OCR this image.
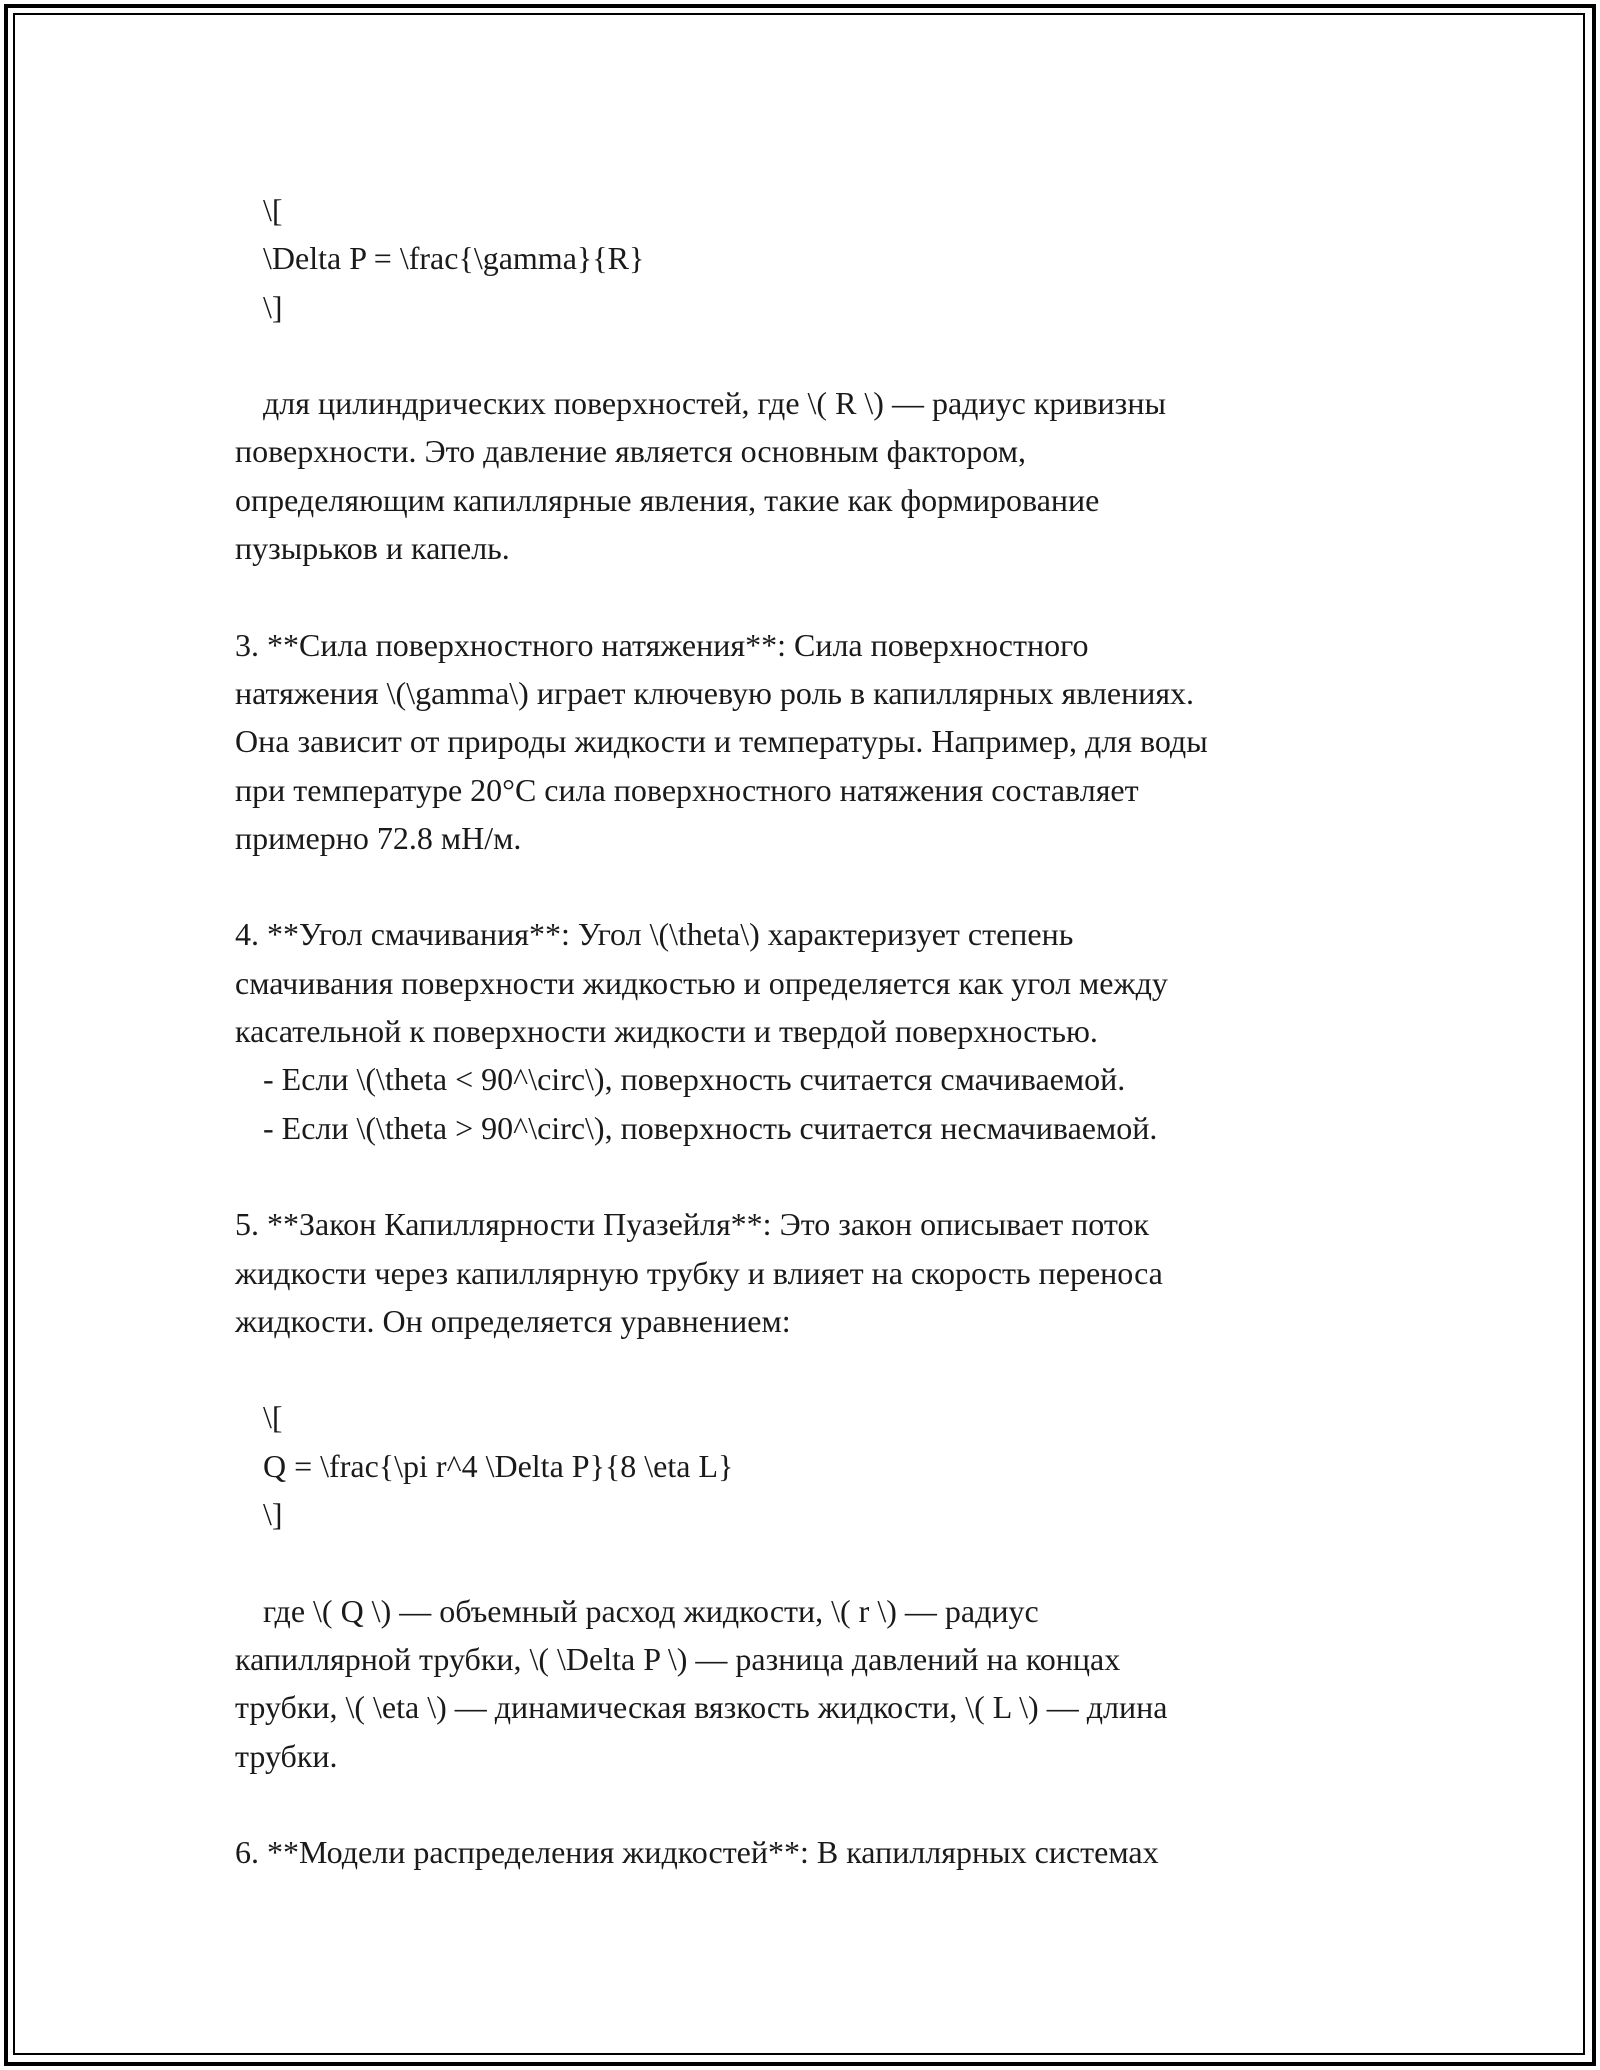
\[
\Delta P = \frac{\gamma}{R}
\]
для цилиндрических поверхностей, где \( R \) — радиус кривизны
поверхности. Это давление является основным фактором,
определяющим капиллярные явления, такие как формирование
пузырьков и капель.
3. **Сила поверхностного натяжения**: Сила поверхностного
натяжения \(\gamma\) играет ключевую роль в капиллярных явлениях.
Она зависит от природы жидкости и температуры. Например, для воды
при температуре 20°C сила поверхностного натяжения составляет
примерно 72.8 мН/м.
4. **Угол смачивания**: Угол \(\theta\) характеризует степень
смачивания поверхности жидкостью и определяется как угол между
касательной к поверхности жидкости и твердой поверхностью.
- Если \(\theta < 90^\circ\), поверхность считается смачиваемой.
- Если \(\theta > 90^\circ\), поверхность считается несмачиваемой.
5. **Закон Капиллярности Пуазейля**: Это закон описывает поток
жидкости через капиллярную трубку и влияет на скорость переноса
жидкости. Он определяется уравнением:
\[
Q = \frac{\pi r^4 \Delta P}{8 \eta L}
\]
где \( Q \) — объемный расход жидкости, \( r \) — радиус
капиллярной трубки, \( \Delta P \) — разница давлений на концах
трубки, \( \eta \) — динамическая вязкость жидкости, \( L \) — длина
трубки.
6. **Модели распределения жидкостей**: В капиллярных системах
